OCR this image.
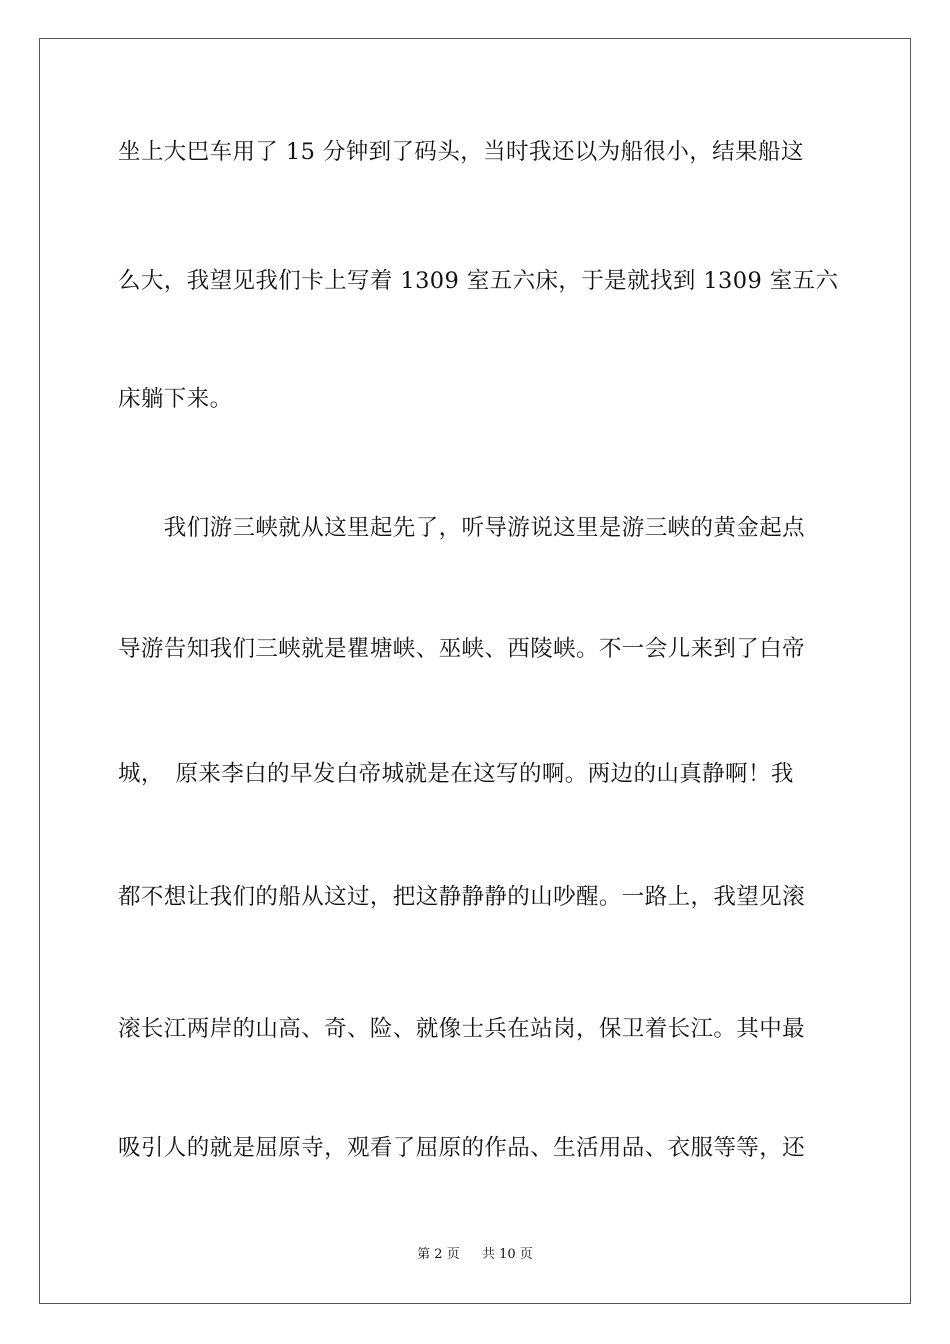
坐上大巴车用了 15 分钟到了码头，当时我还以为船很小，结果船这
么大，我望见我们卡上写着 1309 室五六床，于是就找到 1309 室五六
床躺下来。
　　我们游三峡就从这里起先了，听导游说这里是游三峡的黄金起点
导游告知我们三峡就是瞿塘峡、巫峡、西陵峡。不一会儿来到了白帝
城，　原来李白的早发白帝城就是在这写的啊。两边的山真静啊！我
都不想让我们的船从这过，把这静静静的山吵醒。一路上，我望见滚
滚长江两岸的山高、奇、险、就像士兵在站岗，保卫着长江。其中最
吸引人的就是屈原寺，观看了屈原的作品、生活用品、衣服等等，还
第 2 页 共 10 页
